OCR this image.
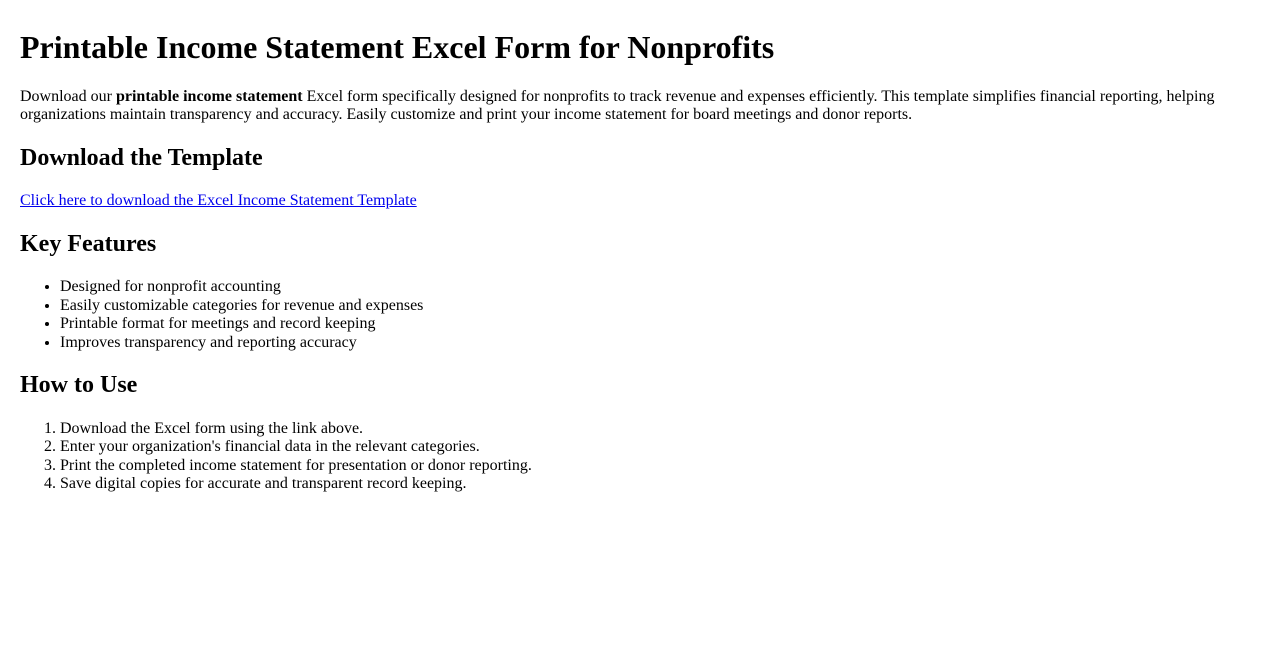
Printable Income Statement Excel Form for Nonprofits

Download our printable income statement Excel form specifically designed for nonprofits to track revenue and expenses efficiently. This template simplifies financial reporting, helping organizations maintain transparency and accuracy. Easily customize and print your income statement for board meetings and donor reports.

Download the Template

Click here to download the Excel Income Statement Template

Key Features
• Designed for nonprofit accounting
• Easily customizable categories for revenue and expenses
• Printable format for meetings and record keeping
• Improves transparency and reporting accuracy
How to Use
1. Download the Excel form using the link above.
2. Enter your organization's financial data in the relevant categories.
3. Print the completed income statement for presentation or donor reporting.
4. Save digital copies for accurate and transparent record keeping.
